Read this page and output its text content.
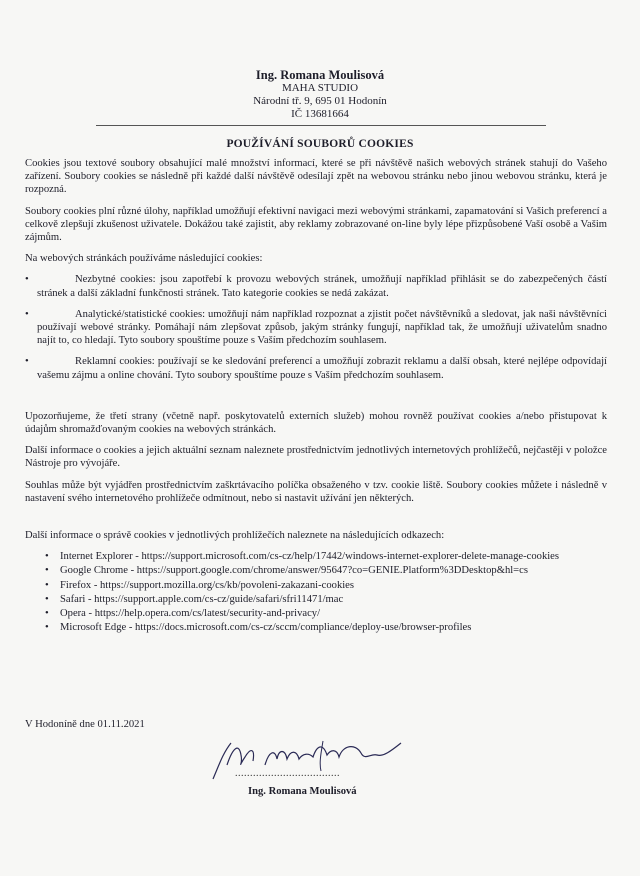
Ing. Romana Moulisová
MAHA STUDIO
Národní tř. 9, 695 01 Hodonín
IČ 13681664
POUŽÍVÁNÍ SOUBORŮ COOKIES

Cookies jsou textové soubory obsahující malé množství informací, které se při návštěvě našich webových stránek stahují do Vašeho zařízení. Soubory cookies se následně při každé další návštěvě odesílají zpět na webovou stránku nebo jinou webovou stránku, která je rozpozná.

Soubory cookies plní různé úlohy, například umožňují efektivní navigaci mezi webovými stránkami, zapamatování si Vašich preferencí a celkově zlepšují zkušenost uživatele. Dokážou také zajistit, aby reklamy zobrazované on-line byly lépe přizpůsobené Vaší osobě a Vašim zájmům.

Na webových stránkách používáme následující cookies:

•	Nezbytné cookies: jsou zapotřebí k provozu webových stránek, umožňují například přihlásit se do zabezpečených částí stránek a další základní funkčnosti stránek. Tato kategorie cookies se nedá zakázat.
•	Analytické/statistické cookies: umožňují nám například rozpoznat a zjistit počet návštěvníků a sledovat, jak naši návštěvníci používají webové stránky. Pomáhají nám zlepšovat způsob, jakým stránky fungují, například tak, že umožňují uživatelům snadno najít to, co hledají. Tyto soubory spouštíme pouze s Vaším předchozím souhlasem.
•	Reklamní cookies: používají se ke sledování preferencí a umožňují zobrazit reklamu a další obsah, které nejlépe odpovídají vašemu zájmu a online chování. Tyto soubory spouštíme pouze s Vaším předchozím souhlasem.

Upozorňujeme, že třetí strany (včetně např. poskytovatelů externích služeb) mohou rovněž používat cookies a/nebo přistupovat k údajům shromažďovaným cookies na webových stránkách.

Další informace o cookies a jejich aktuální seznam naleznete prostřednictvím jednotlivých internetových prohlížečů, nejčastěji v položce Nástroje pro vývojáře.

Souhlas může být vyjádřen prostřednictvím zaškrtávacího políčka obsaženého v tzv. cookie liště. Soubory cookies můžete i následně v nastavení svého internetového prohlížeče odmítnout, nebo si nastavit užívání jen některých.

Další informace o správě cookies v jednotlivých prohlížečích naleznete na následujících odkazech:

• Internet Explorer - https://support.microsoft.com/cs-cz/help/17442/windows-internet-explorer-delete-manage-cookies
• Google Chrome - https://support.google.com/chrome/answer/95647?co=GENIE.Platform%3DDesktop&hl=cs
• Firefox - https://support.mozilla.org/cs/kb/povoleni-zakazani-cookies
• Safari - https://support.apple.com/cs-cz/guide/safari/sfri11471/mac
• Opera - https://help.opera.com/cs/latest/security-and-privacy/
• Microsoft Edge - https://docs.microsoft.com/cs-cz/sccm/compliance/deploy-use/browser-profiles
V Hodoníně dne 01.11.2021
...................................
Ing. Romana Moulisová
